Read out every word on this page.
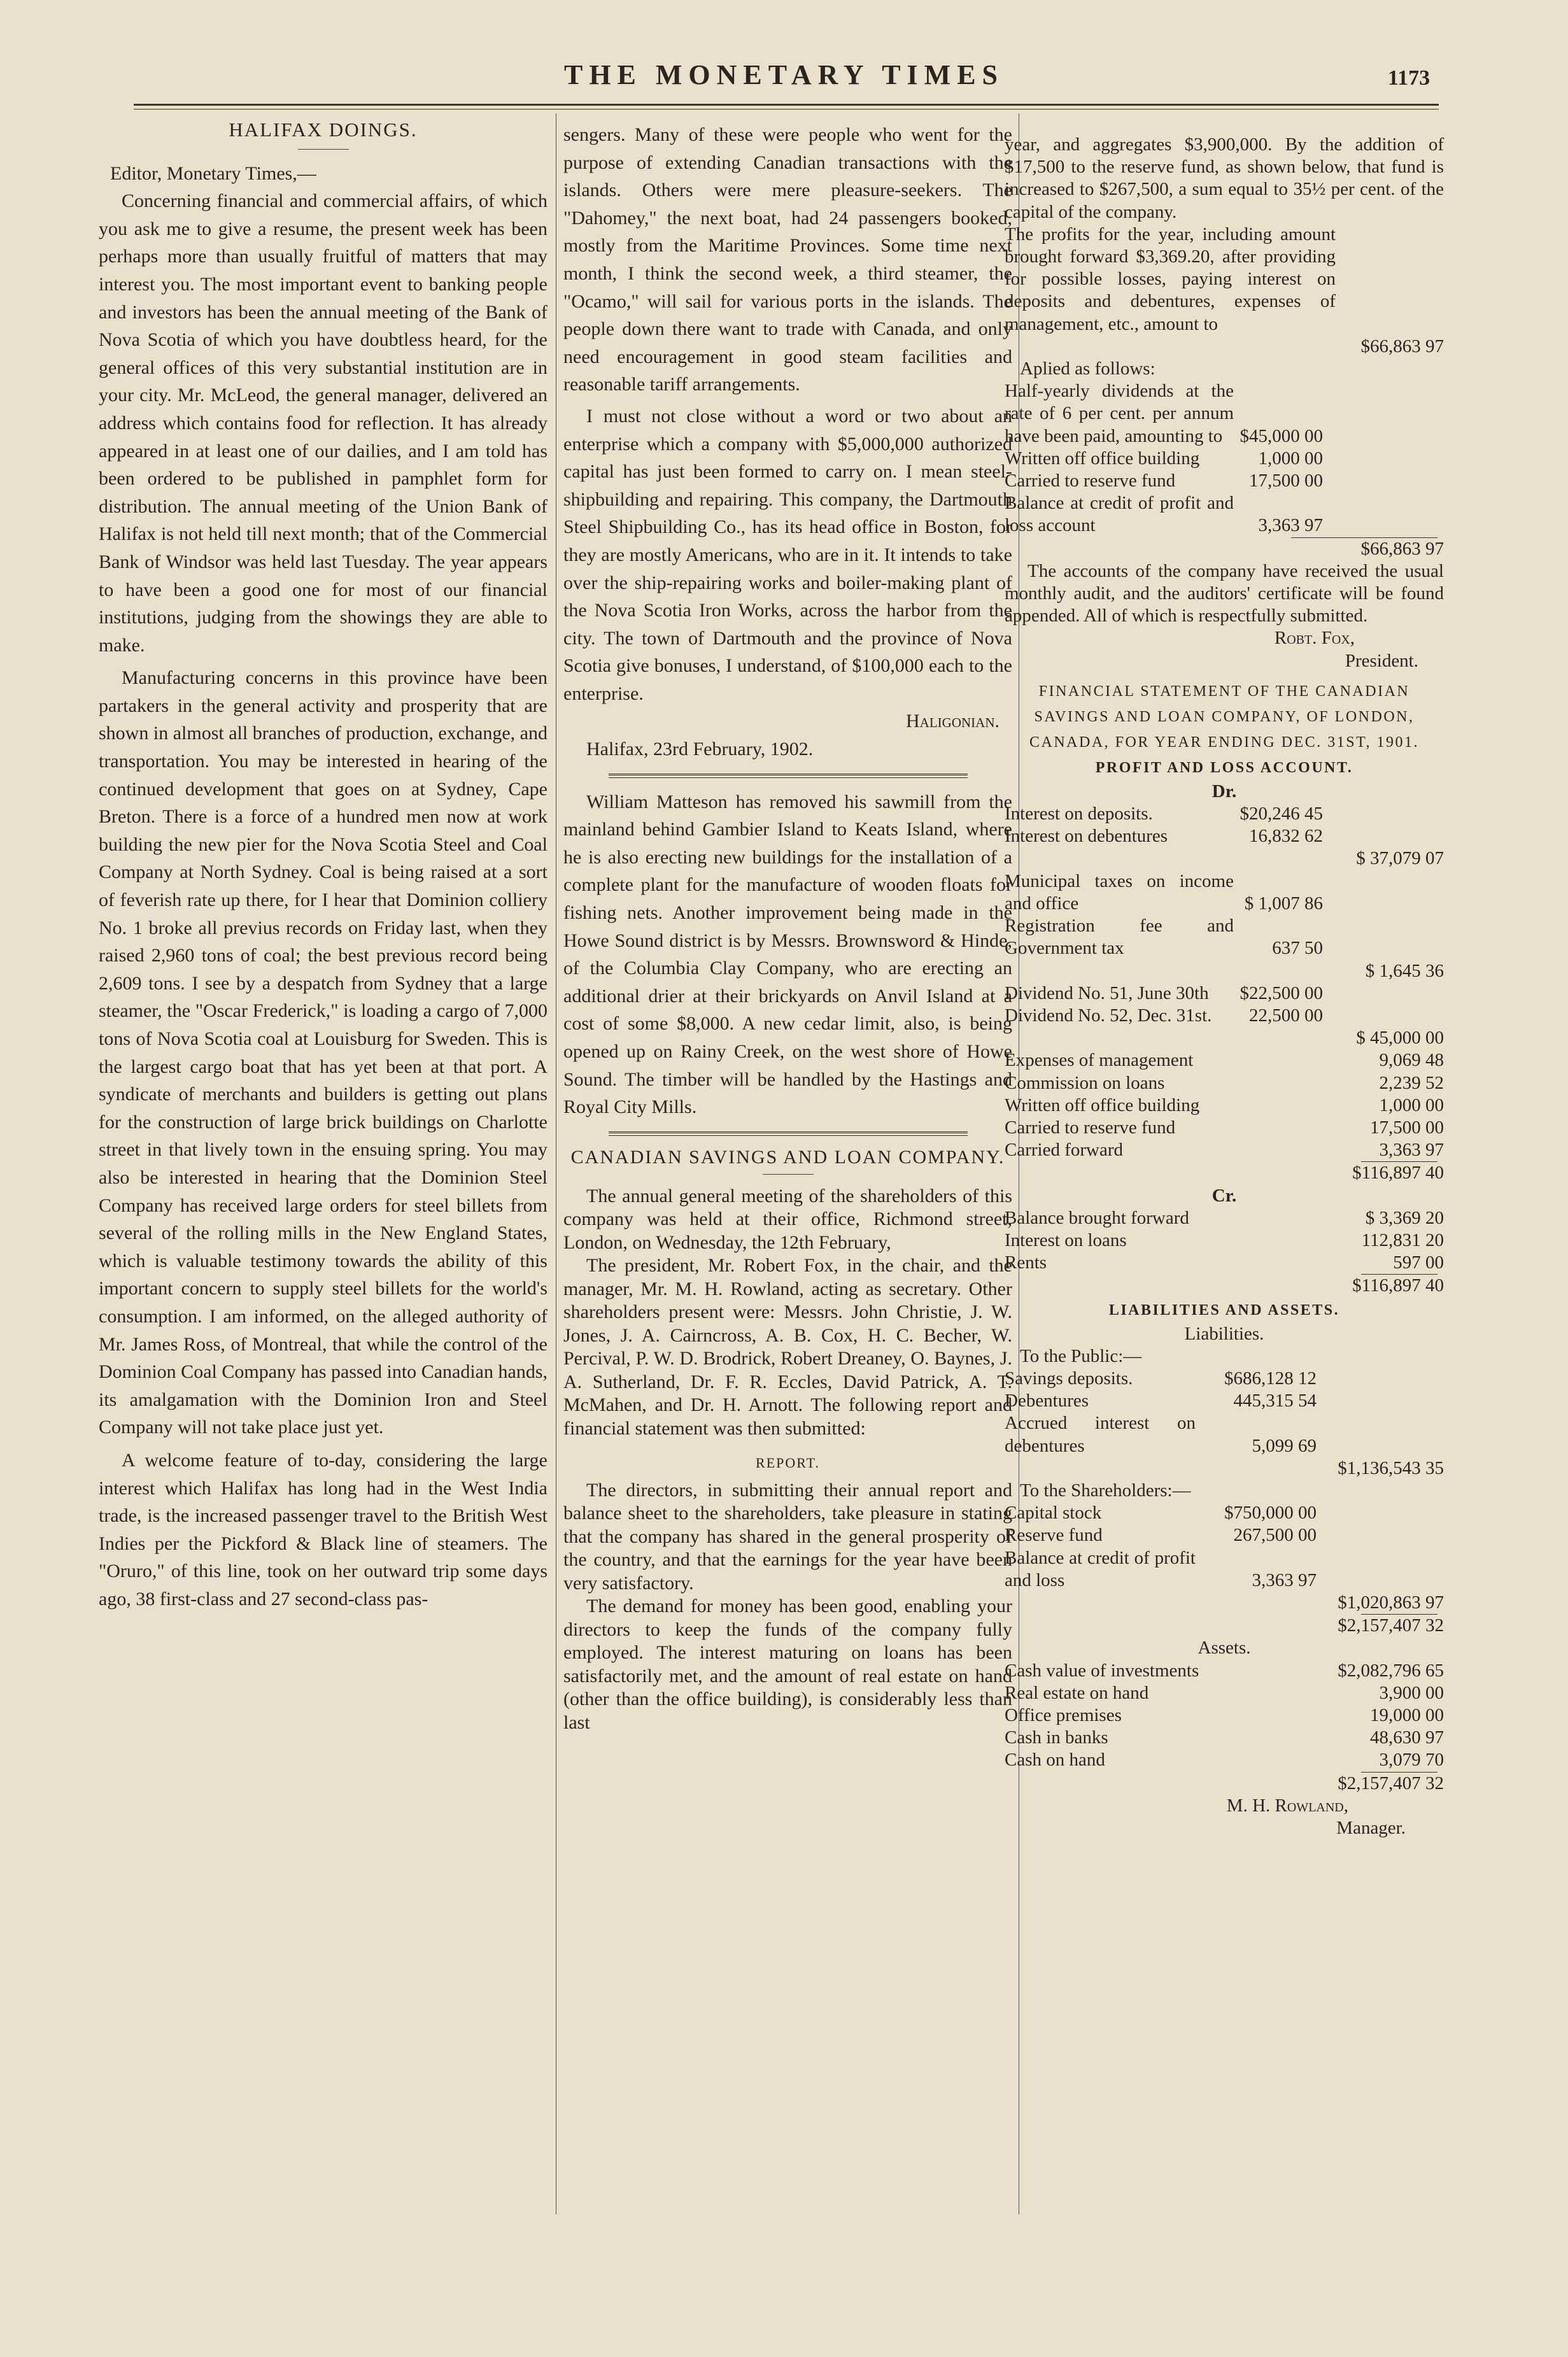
THE MONETARY TIMES	1173
HALIFAX DOINGS.

Editor, Monetary Times,—

Concerning financial and commercial affairs, of which you ask me to give a resume, the present week has been perhaps more than usually fruitful of matters that may interest you. The most important event to banking people and investors has been the annual meeting of the Bank of Nova Scotia of which you have doubtless heard, for the general offices of this very substantial institution are in your city. Mr. McLeod, the general manager, delivered an address which contains food for reflection. It has already appeared in at least one of our dailies, and I am told has been ordered to be published in pamphlet form for distribution. The annual meeting of the Union Bank of Halifax is not held till next month; that of the Commercial Bank of Windsor was held last Tuesday. The year appears to have been a good one for most of our financial institutions, judging from the showings they are able to make.

Manufacturing concerns in this province have been partakers in the general activity and prosperity that are shown in almost all branches of production, exchange, and transportation. You may be interested in hearing of the continued development that goes on at Sydney, Cape Breton. There is a force of a hundred men now at work building the new pier for the Nova Scotia Steel and Coal Company at North Sydney. Coal is being raised at a sort of feverish rate up there, for I hear that Dominion colliery No. 1 broke all previus records on Friday last, when they raised 2,960 tons of coal; the best previous record being 2,609 tons. I see by a despatch from Sydney that a large steamer, the "Oscar Frederick," is loading a cargo of 7,000 tons of Nova Scotia coal at Louisburg for Sweden. This is the largest cargo boat that has yet been at that port. A syndicate of merchants and builders is getting out plans for the construction of large brick buildings on Charlotte street in that lively town in the ensuing spring. You may also be interested in hearing that the Dominion Steel Company has received large orders for steel billets from several of the rolling mills in the New England States, which is valuable testimony towards the ability of this important concern to supply steel billets for the world's consumption. I am informed, on the alleged authority of Mr. James Ross, of Montreal, that while the control of the Dominion Coal Company has passed into Canadian hands, its amalgamation with the Dominion Iron and Steel Company will not take place just yet.

A welcome feature of to-day, considering the large interest which Halifax has long had in the West India trade, is the increased passenger travel to the British West Indies per the Pickford & Black line of steamers. The "Oruro," of this line, took on her outward trip some days ago, 38 first-class and 27 second-class pas-

sengers. Many of these were people who went for the purpose of extending Canadian transactions with the islands. Others were mere pleasure-seekers. The "Dahomey," the next boat, had 24 passengers booked, mostly from the Maritime Provinces. Some time next month, I think the second week, a third steamer, the "Ocamo," will sail for various ports in the islands. The people down there want to trade with Canada, and only need encouragement in good steam facilities and reasonable tariff arrangements.

I must not close without a word or two about an enterprise which a company with $5,000,000 authorized capital has just been formed to carry on. I mean steel-shipbuilding and repairing. This company, the Dartmouth Steel Shipbuilding Co., has its head office in Boston, for they are mostly Americans, who are in it. It intends to take over the ship-repairing works and boiler-making plant of the Nova Scotia Iron Works, across the harbor from the city. The town of Dartmouth and the province of Nova Scotia give bonuses, I understand, of $100,000 each to the enterprise.

Haligonian.
Halifax, 23rd February, 1902.

William Matteson has removed his sawmill from the mainland behind Gambier Island to Keats Island, where he is also erecting new buildings for the installation of a complete plant for the manufacture of wooden floats for fishing nets. Another improvement being made in the Howe Sound district is by Messrs. Brownsword & Hinde, of the Columbia Clay Company, who are erecting an additional drier at their brickyards on Anvil Island at a cost of some $8,000. A new cedar limit, also, is being opened up on Rainy Creek, on the west shore of Howe Sound. The timber will be handled by the Hastings and Royal City Mills.

CANADIAN SAVINGS AND LOAN COMPANY.

The annual general meeting of the shareholders of this company was held at their office, Richmond street, London, on Wednesday, the 12th February,

The president, Mr. Robert Fox, in the chair, and the manager, Mr. M. H. Rowland, acting as secretary. Other shareholders present were: Messrs. John Christie, J. W. Jones, J. A. Cairncross, A. B. Cox, H. C. Becher, W. Percival, P. W. D. Brodrick, Robert Dreaney, O. Baynes, J. A. Sutherland, Dr. F. R. Eccles, David Patrick, A. T. McMahen, and Dr. H. Arnott. The following report and financial statement was then submitted:

REPORT.

The directors, in submitting their annual report and balance sheet to the shareholders, take pleasure in stating that the company has shared in the general prosperity of the country, and that the earnings for the year have been very satisfactory.

The demand for money has been good, enabling your directors to keep the funds of the company fully employed. The interest maturing on loans has been satisfactorily met, and the amount of real estate on hand (other than the office building), is considerably less than last

year, and aggregates $3,900,000. By the addition of $17,500 to the reserve fund, as shown below, that fund is increased to $267,500, a sum equal to 35½ per cent. of the capital of the company.

The profits for the year, including amount brought forward $3,369.20, after providing for possible losses, paying interest on deposits and debentures, expenses of management, etc., amount to

$66,863 97
Aplied as follows:
Half-yearly dividends at the rate of 6 per cent. per annum have been paid, amounting to $45,000 00
Written off office building	1,000 00
Carried to reserve fund	17,500 00
Balance at credit of profit and loss account	3,363 97
$66,863 97

The accounts of the company have received the usual monthly audit, and the auditors' certificate will be found appended. All of which is respectfully submitted.

Robt. Fox,
President.
FINANCIAL STATEMENT OF THE CANADIAN SAVINGS AND LOAN COMPANY, OF LONDON, CANADA, FOR YEAR ENDING DEC. 31ST, 1901.
PROFIT AND LOSS ACCOUNT.
Dr.
Interest on deposits.	$20,246 45
Interest on debentures	16,832 62
$ 37,079 07
Municipal taxes on income and office	$ 1,007 86
Registration fee and Government tax	637 50
$ 1,645 36
Dividend No. 51, June 30th	$22,500 00
Dividend No. 52, Dec. 31st. 22,500 00
$ 45,000 00
Expenses of management	9,069 48
Commission on loans	2,239 52
Written off office building	1,000 00
Carried to reserve fund	17,500 00
Carried forward	3,363 97
$116,897 40
Cr.
Balance brought forward	$ 3,369 20
Interest on loans	112,831 20
Rents	597 00
$116,897 40
LIABILITIES AND ASSETS.
Liabilities.
To the Public:—
Savings deposits.	$686,128 12
Debentures	445,315 54
Accrued interest on debentures	5,099 69
$1,136,543 35
To the Shareholders:—
Capital stock	$750,000 00
Reserve fund	267,500 00
Balance at credit of profit and loss	3,363 97
$1,020,863 97
$2,157,407 32
Assets.
Cash value of investments	$2,082,796 65
Real estate on hand	3,900 00
Office premises	19,000 00
Cash in banks	48,630 97
Cash on hand	3,079 70
$2,157,407 32
M. H. Rowland,
Manager.
